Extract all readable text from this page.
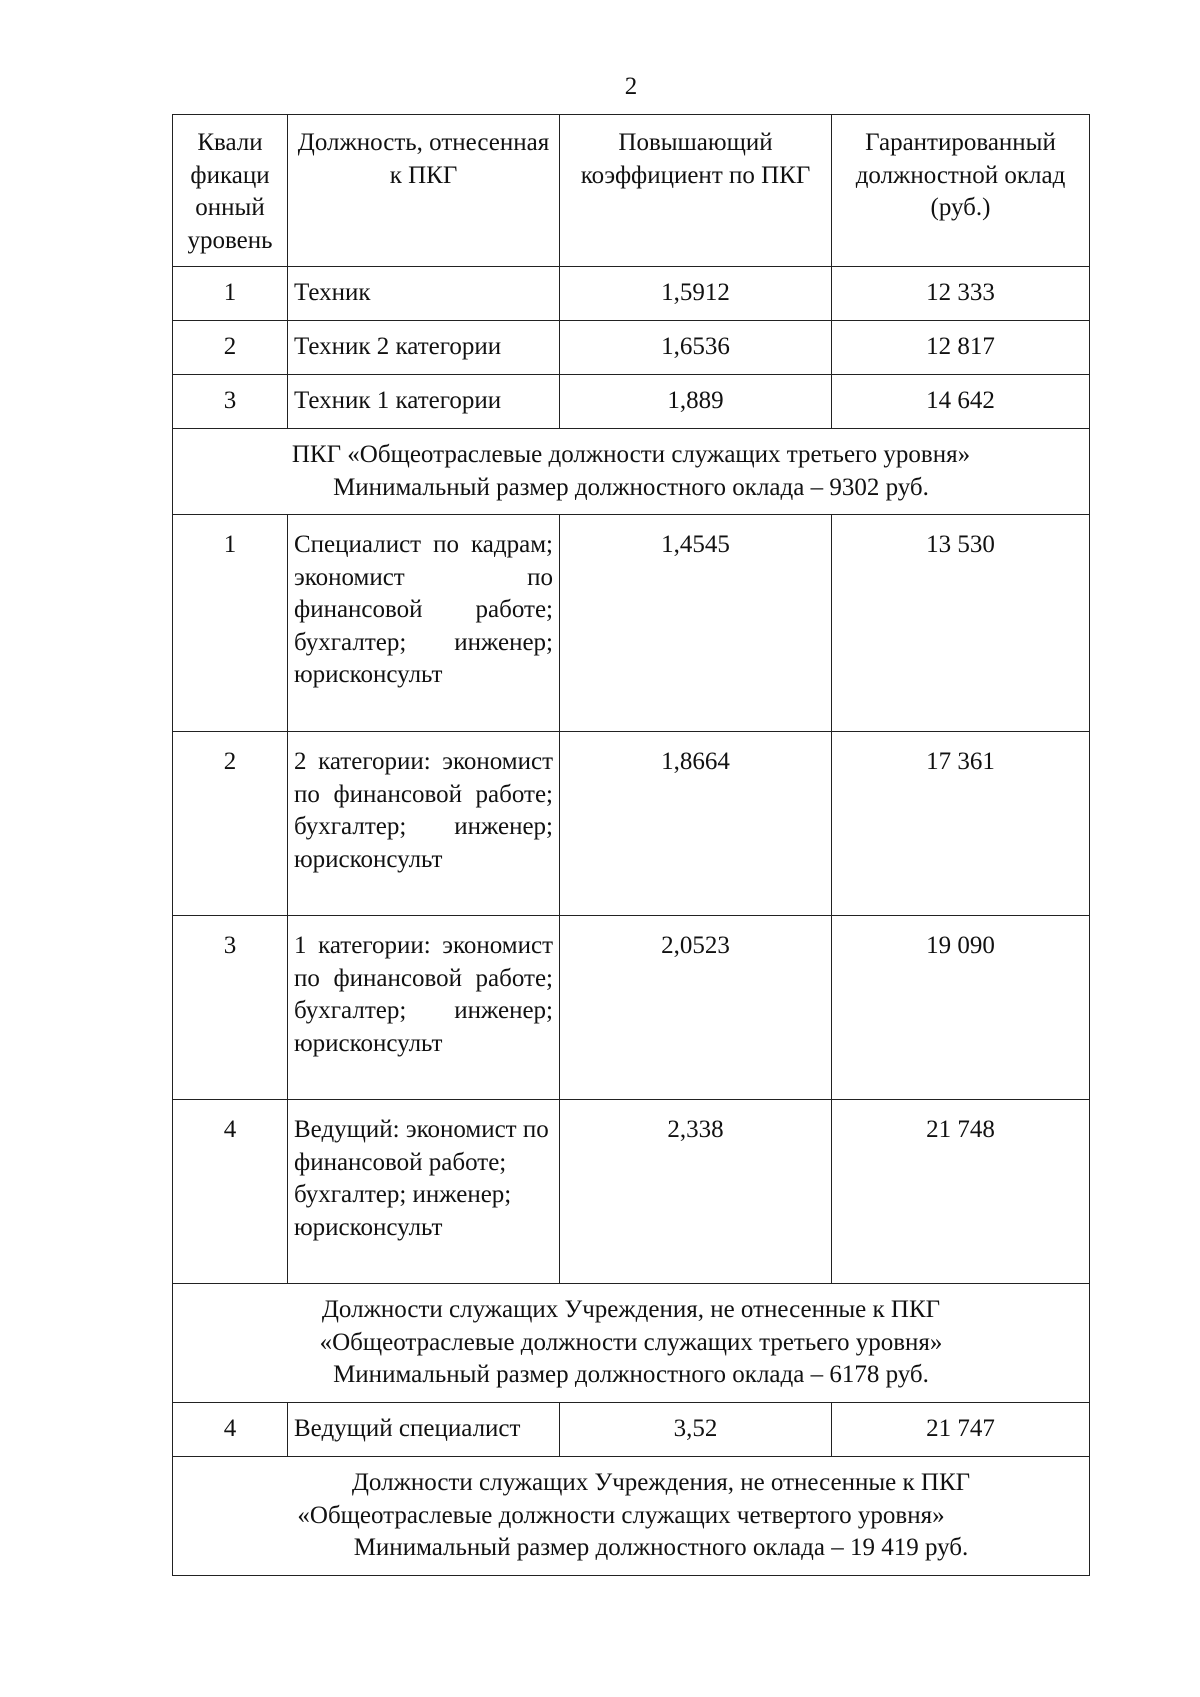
2
Квали фикаци онный уровень	Должность, отнесенная к ПКГ	Повышающий коэффициент по ПКГ	Гарантированный должностной оклад (руб.)
1	Техник	1,5912	12 333
2	Техник 2 категории	1,6536	12 817
3	Техник 1 категории	1,889	14 642

ПКГ «Общеотраслевые должности служащих третьего уровня»
Минимальный размер должностного оклада – 9302 руб.			

1	Специалист по кадрам; экономист по финансовой работе; бухгалтер; инженер; юрисконсульт	1,4545	13 530
2	2 категории: экономист по финансовой работе; бухгалтер; инженер; юрисконсульт	1,8664	17 361
3	1 категории: экономист по финансовой работе; бухгалтер; инженер; юрисконсульт	2,0523	19 090
4	Ведущий: экономист по финансовой работе; бухгалтер; инженер; юрисконсульт	2,338	21 748

Должности служащих Учреждения, не отнесенные к ПКГ
«Общеотраслевые должности служащих третьего уровня»
Минимальный размер должностного оклада – 6178 руб.			

4	Ведущий специалист	3,52	21 747

Должности служащих Учреждения, не отнесенные к ПКГ
«Общеотраслевые должности служащих четвертого уровня»
Минимальный размер должностного оклада – 19 419 руб.			
